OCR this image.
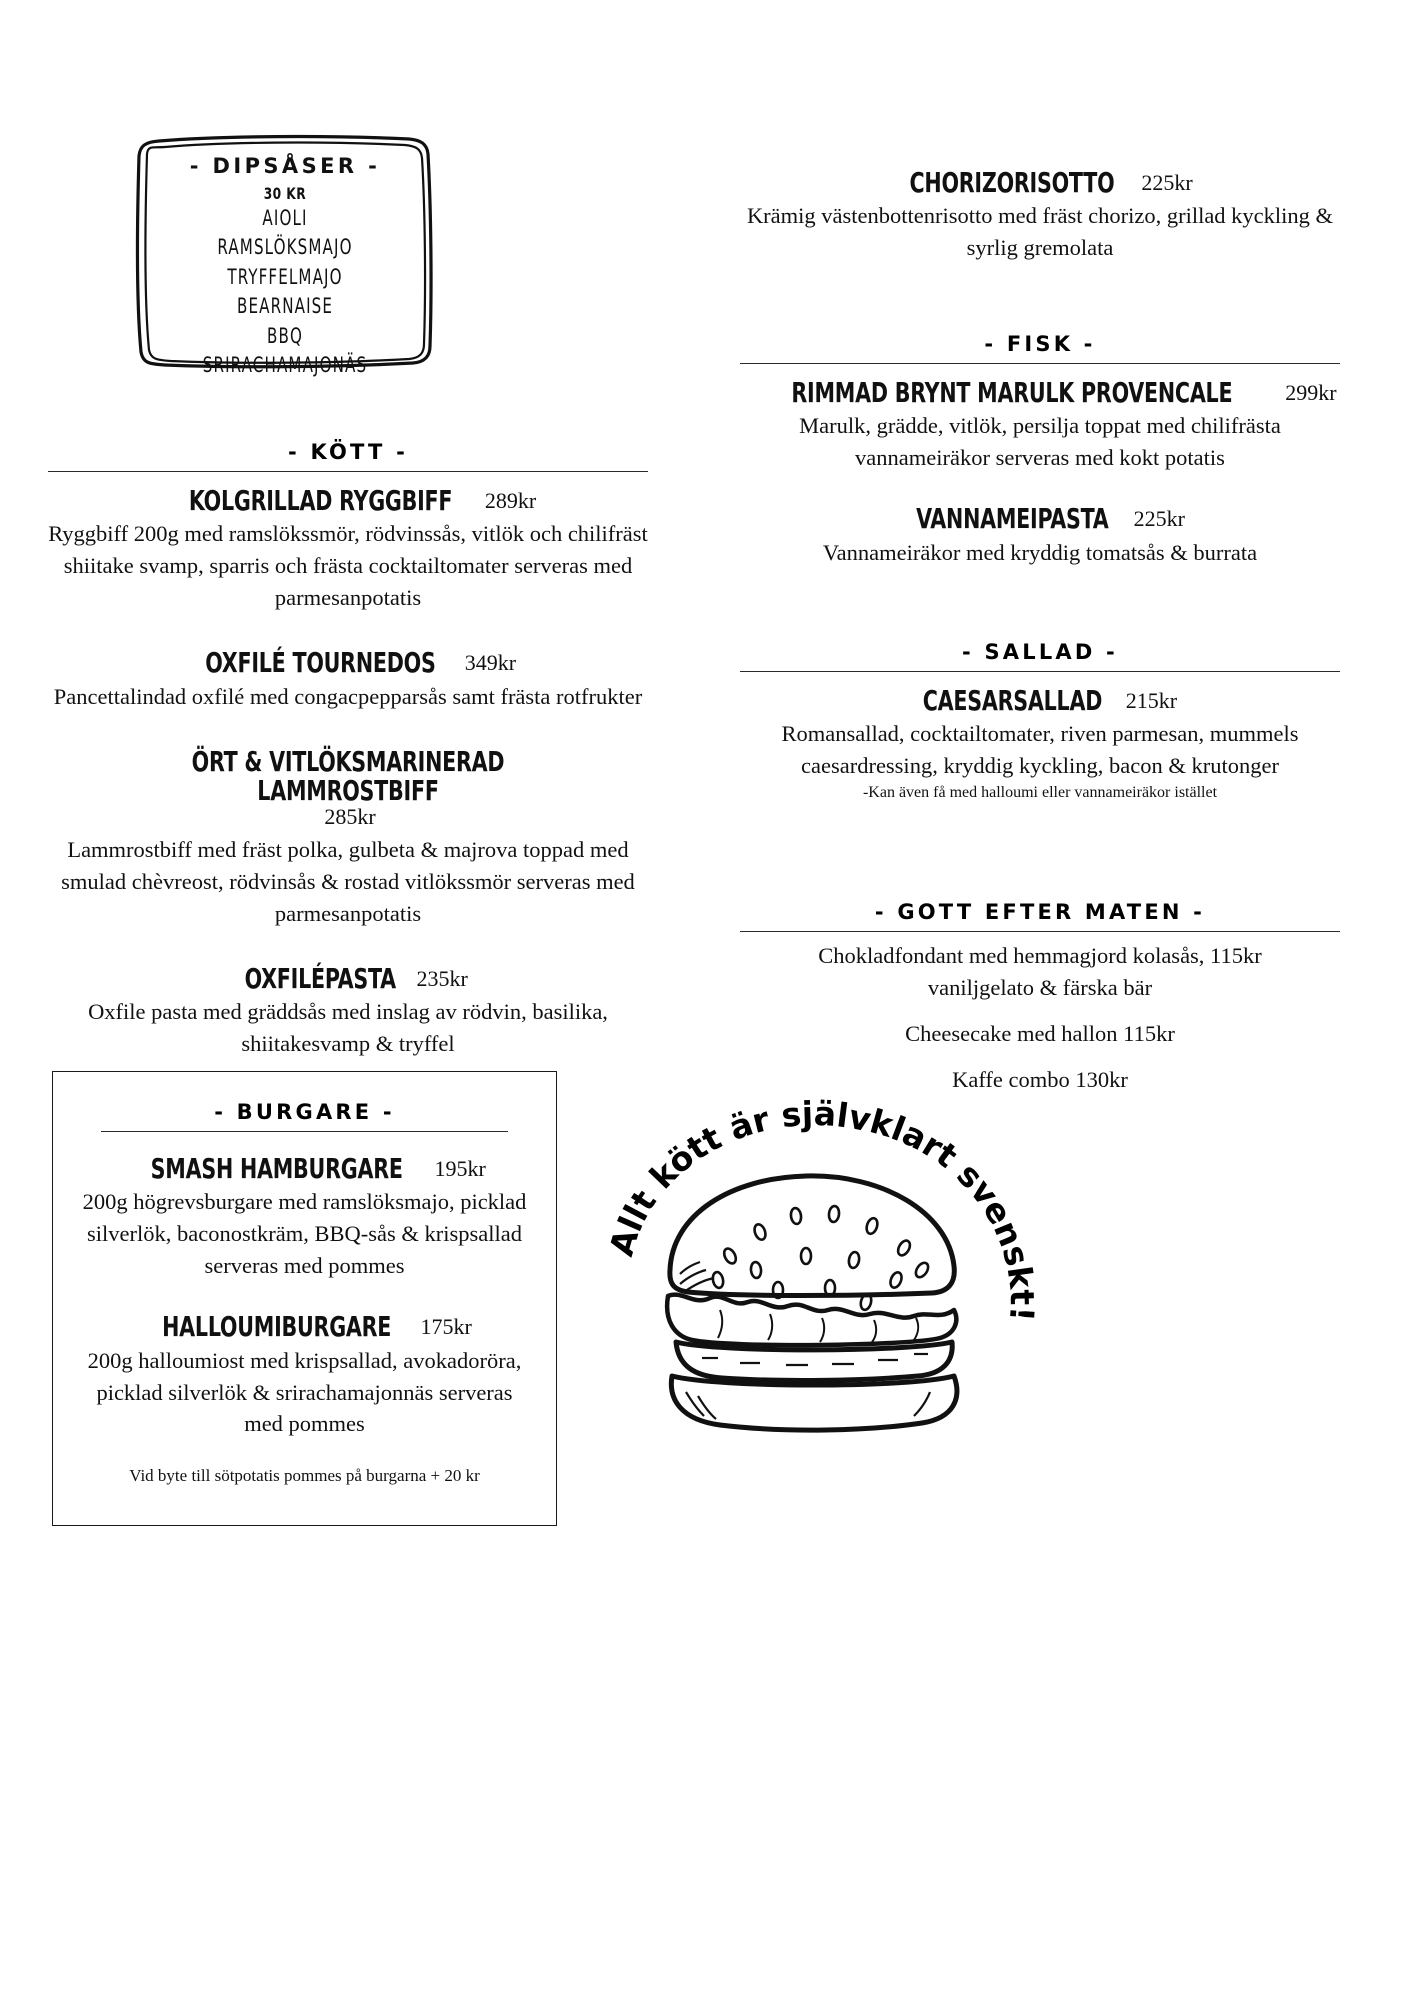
- DIPSÅSER -
30 KR
AIOLI
RAMSLÖKSMAJO
TRYFFELMAJO
BEARNAISE
BBQ
SRIRACHAMAJONÄS
- KÖTT -
KOLGRILLAD RYGGBIFF 289kr
Ryggbiff 200g med ramslökssmör, rödvinssås, vitlök och chilifräst shiitake svamp, sparris och frästa cocktailtomater serveras med parmesanpotatis
OXFILÉ TOURNEDOS 349kr
Pancettalindad oxfilé med congacpepparsås samt frästa rotfrukter
ÖRT & VITLÖKSMARINERAD LAMMROSTBIFF285kr
Lammrostbiff med fräst polka, gulbeta & majrova toppad med smulad chèvreost, rödvinsås & rostad vitlökssmör serveras med parmesanpotatis
OXFILÉPASTA 235kr
Oxfile pasta med gräddsås med inslag av rödvin, basilika, shiitakesvamp & tryffel
- BURGARE -
SMASH HAMBURGARE 195kr
200g högrevsburgare med ramslöksmajo, picklad silverlök, baconostkräm, BBQ-sås & krispsallad serveras med pommes
HALLOUMIBURGARE 175kr
200g halloumiost med krispsallad, avokadoröra, picklad silverlök & srirachamajonnäs serveras med pommes
Vid byte till sötpotatis pommes på burgarna + 20 kr
CHORIZORISOTTO 225kr
Krämig västenbottenrisotto med fräst chorizo, grillad kyckling & syrlig gremolata
- FISK -
RIMMAD BRYNT MARULK PROVENCALE 299kr
Marulk, grädde, vitlök, persilja toppat med chilifrästa vannameiräkor serveras med kokt potatis
VANNAMEIPASTA 225kr
Vannameiräkor med kryddig tomatsås & burrata
- SALLAD -
CAESARSALLAD 215kr
Romansallad, cocktailtomater, riven parmesan, mummels caesardressing, kryddig kyckling, bacon & krutonger
-Kan även få med halloumi eller vannameiräkor istället
- GOTT EFTER MATEN -
Chokladfondant med hemmagjord kolasås, 115kr
vaniljgelato & färska bär
Cheesecake med hallon 115kr
Kaffe combo 130kr
Allt kött är självklart svenskt!
